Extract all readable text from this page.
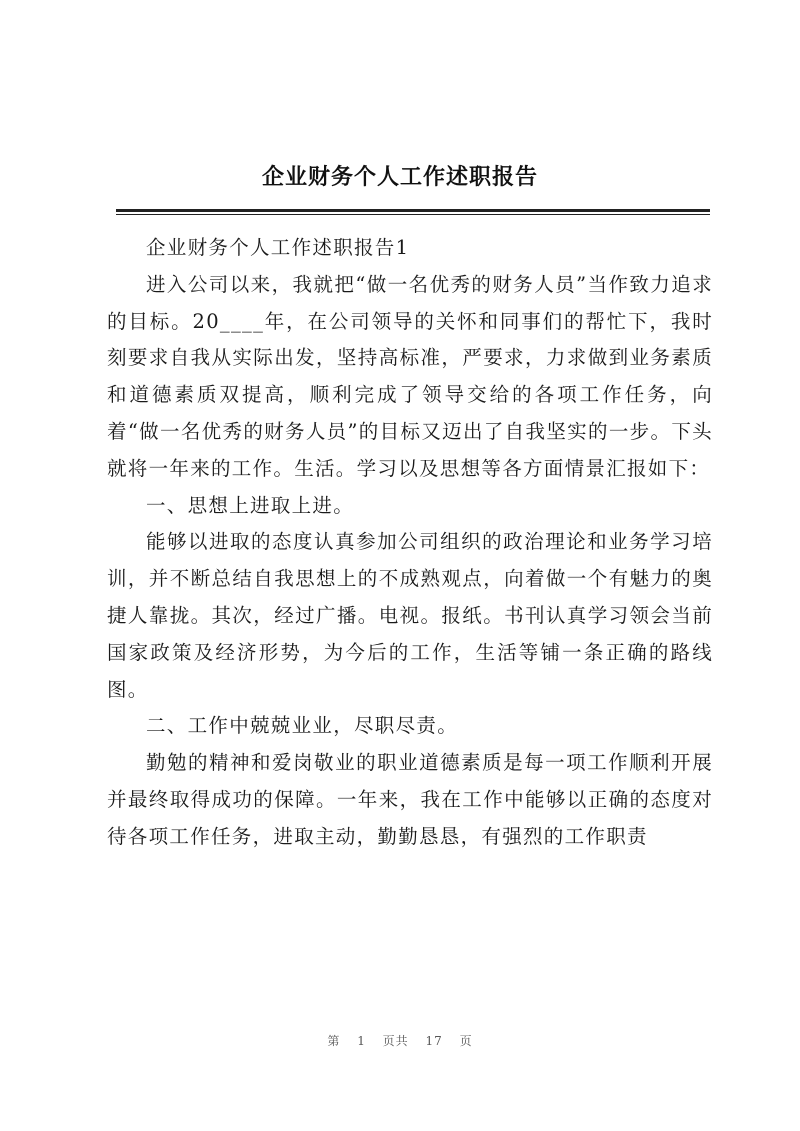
企业财务个人工作述职报告

企业财务个人工作述职报告1

进入公司以来，我就把“做一名优秀的财务人员”当作致力追求的目标。20____年，在公司领导的关怀和同事们的帮忙下，我时刻要求自我从实际出发，坚持高标准，严要求，力求做到业务素质和道德素质双提高，顺利完成了领导交给的各项工作任务，向着“做一名优秀的财务人员”的目标又迈出了自我坚实的一步。下头就将一年来的工作。生活。学习以及思想等各方面情景汇报如下：

一、思想上进取上进。

能够以进取的态度认真参加公司组织的政治理论和业务学习培训，并不断总结自我思想上的不成熟观点，向着做一个有魅力的奥捷人靠拢。其次，经过广播。电视。报纸。书刊认真学习领会当前国家政策及经济形势，为今后的工作，生活等铺一条正确的路线图。

二、工作中兢兢业业，尽职尽责。

勤勉的精神和爱岗敬业的职业道德素质是每一项工作顺利开展并最终取得成功的保障。一年来，我在工作中能够以正确的态度对待各项工作任务，进取主动，勤勤恳恳，有强烈的工作职责

第 1 页共 17 页
